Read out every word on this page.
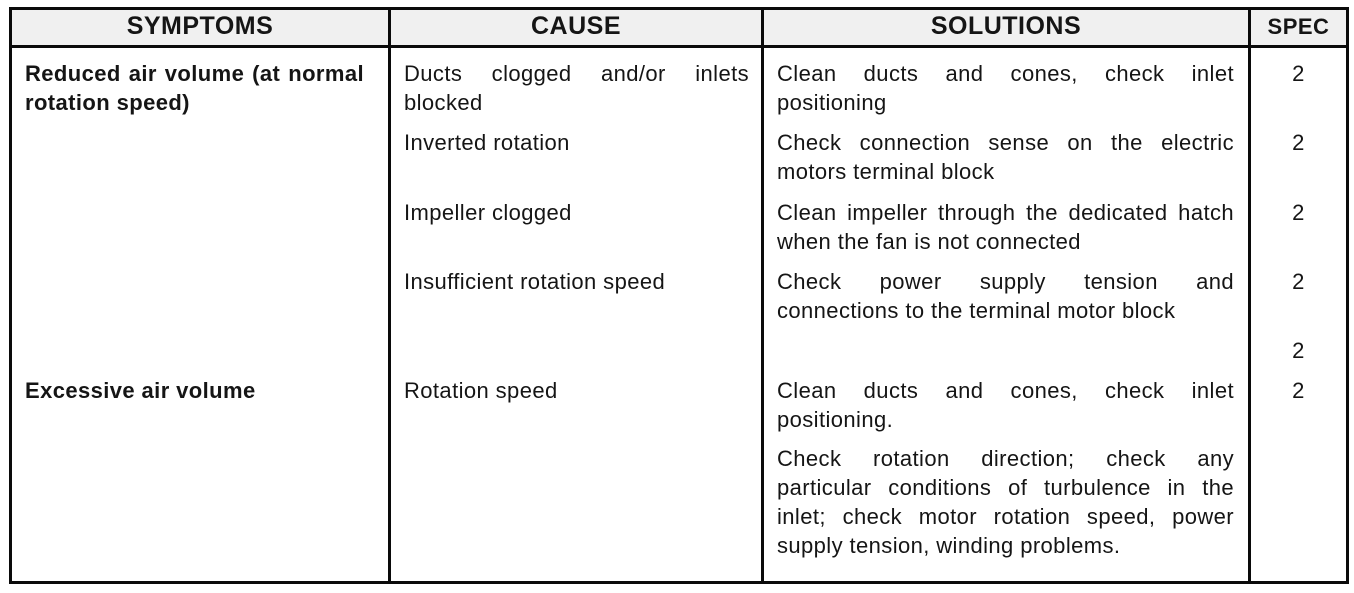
SYMPTOMS	CAUSE	SOLUTIONS	SPEC
Reduced air volume (at normal rotation speed)	Ducts clogged and/or inlets blocked	Clean ducts and cones, check inlet positioning	2
	Inverted rotation	Check connection sense on the electric motors terminal block	2
	Impeller clogged	Clean impeller through the dedicated hatch when the fan is not connected	2
	Insufficient rotation speed	Check power supply tension and connections to the terminal motor block	2
			2
Excessive air volume	Rotation speed	Clean ducts and cones, check inlet positioning.	2
		Check rotation direction; check any particular conditions of turbulence in the inlet; check motor rotation speed, power supply tension, winding problems.	
